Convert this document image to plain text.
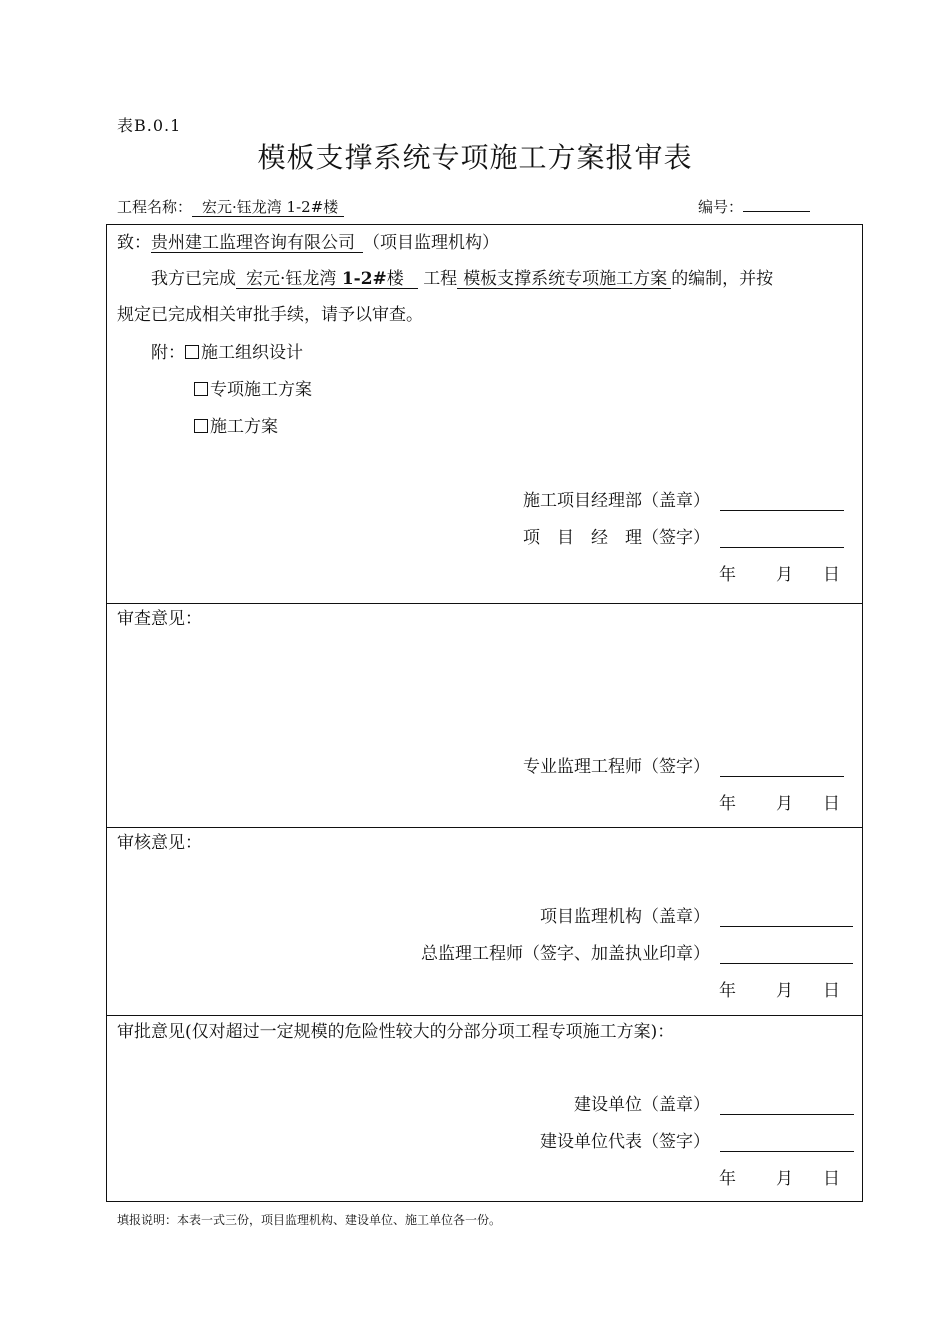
表B.0.1
模板支撑系统专项施工方案报审表
工程名称： 宏元·钰龙湾 1-2#楼	编号：
致：贵州建工监理咨询有限公司 （项目监理机构）
我方已完成 宏元·钰龙湾 1-2#楼 工程 模板支撑系统专项施工方案 的编制，并按
规定已完成相关审批手续，请予以审查。
附： 施工组织设计
专项施工方案
施工方案
施工项目经理部（盖章）
项　目　经　理（签字）
年 月 日
审查意见：
专业监理工程师（签字）
年 月 日
审核意见：
项目监理机构（盖章）
总监理工程师（签字、加盖执业印章）
年 月 日
审批意见(仅对超过一定规模的危险性较大的分部分项工程专项施工方案)：
建设单位（盖章）
建设单位代表（签字）
年 月 日
填报说明：本表一式三份，项目监理机构、建设单位、施工单位各一份。
